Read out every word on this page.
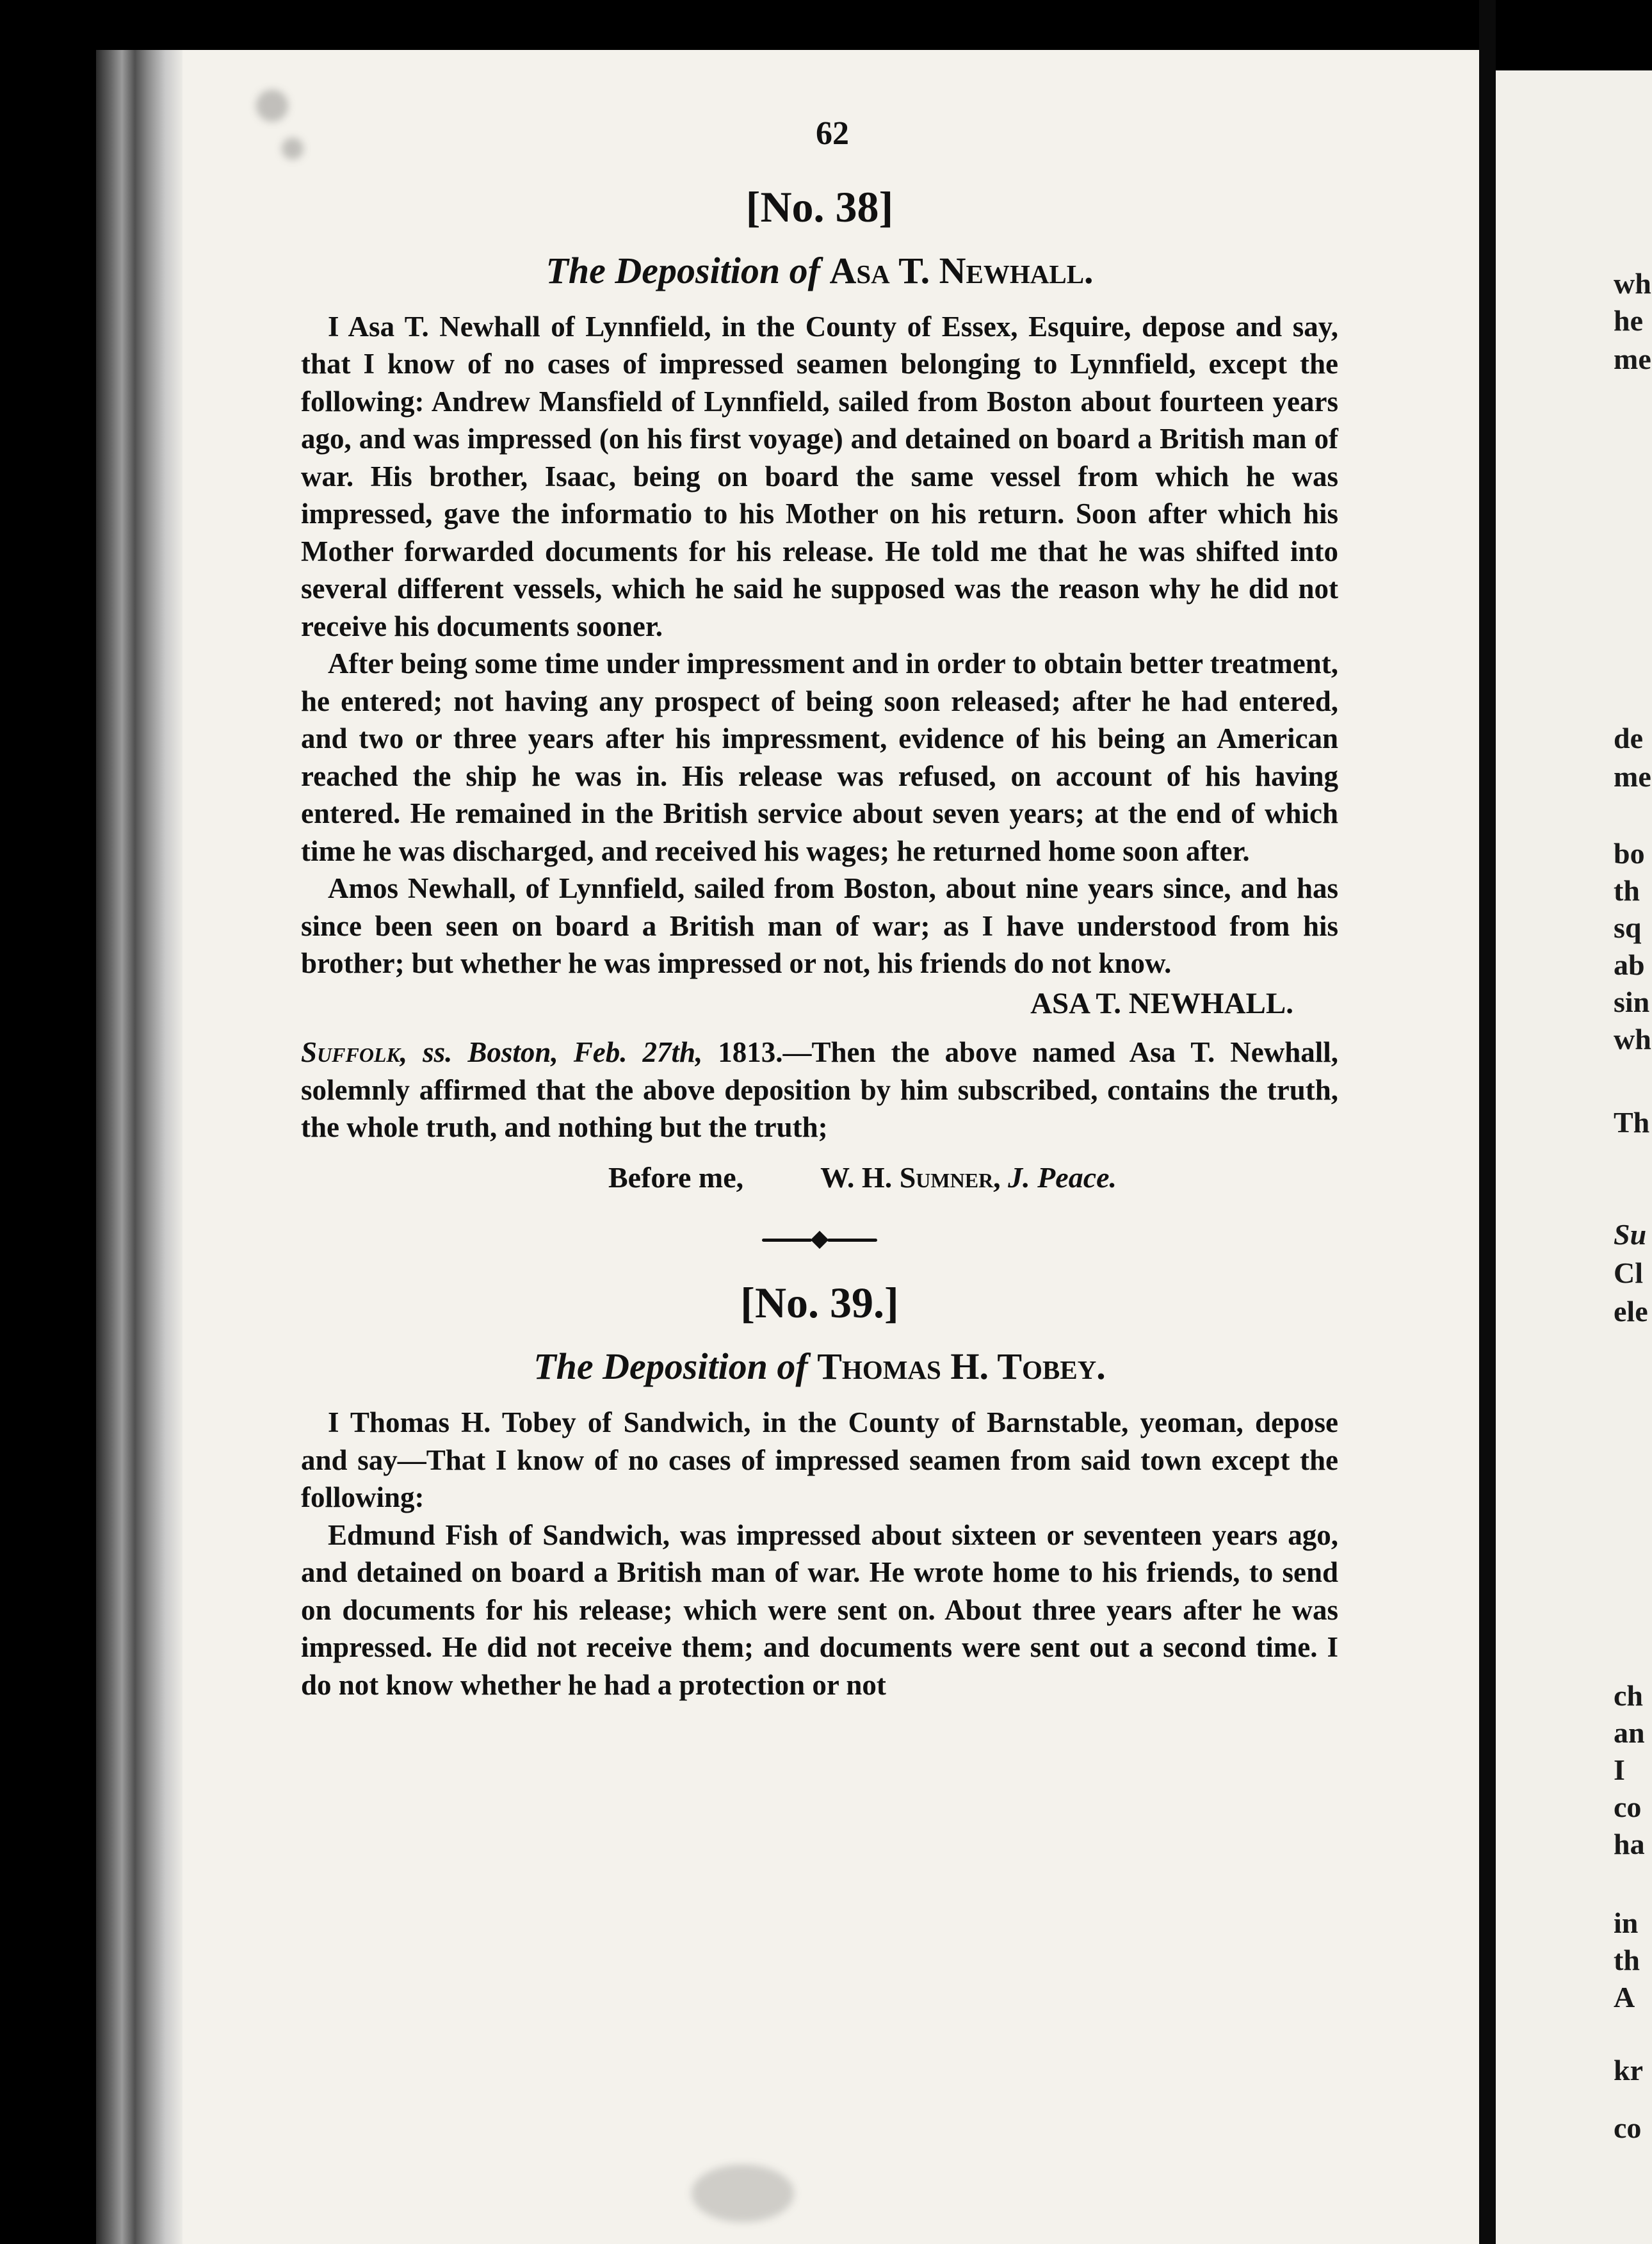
wh
he
me
de
me
bo
th
sq
ab
sin
wh
Th
Su
Cl
ele
ch
an
I
co
ha
in
th
A
kr
co
62
[No. 38]
The Deposition of Asa T. Newhall.

I Asa T. Newhall of Lynnfield, in the County of Essex, Esquire, depose and say, that I know of no cases of impressed seamen belonging to Lynnfield, except the following: Andrew Mansfield of Lynnfield, sailed from Boston about fourteen years ago, and was impressed (on his first voyage) and detained on board a British man of war. His brother, Isaac, being on board the same vessel from which he was impressed, gave the informatio to his Mother on his return. Soon after which his Mother forwarded documents for his release. He told me that he was shifted into several different vessels, which he said he supposed was the reason why he did not receive his documents sooner.

After being some time under impressment and in order to obtain better treatment, he entered; not having any prospect of being soon released; after he had entered, and two or three years after his impressment, evidence of his being an American reached the ship he was in. His release was refused, on account of his having entered. He remained in the British service about seven years; at the end of which time he was discharged, and received his wages; he returned home soon after.

Amos Newhall, of Lynnfield, sailed from Boston, about nine years since, and has since been seen on board a British man of war; as I have understood from his brother; but whether he was impressed or not, his friends do not know.

ASA T. NEWHALL.

Suffolk, ss. Boston, Feb. 27th, 1813.—Then the above named Asa T. Newhall, solemnly affirmed that the above deposition by him subscribed, contains the truth, the whole truth, and nothing but the truth;

Before me,	W. H. Sumner, J. Peace.
[No. 39.]
The Deposition of Thomas H. Tobey.

I Thomas H. Tobey of Sandwich, in the County of Barnstable, yeoman, depose and say—That I know of no cases of impressed seamen from said town except the following:

Edmund Fish of Sandwich, was impressed about sixteen or seventeen years ago, and detained on board a British man of war. He wrote home to his friends, to send on documents for his release; which were sent on. About three years after he was impressed. He did not receive them; and documents were sent out a second time. I do not know whether he had a protection or not
